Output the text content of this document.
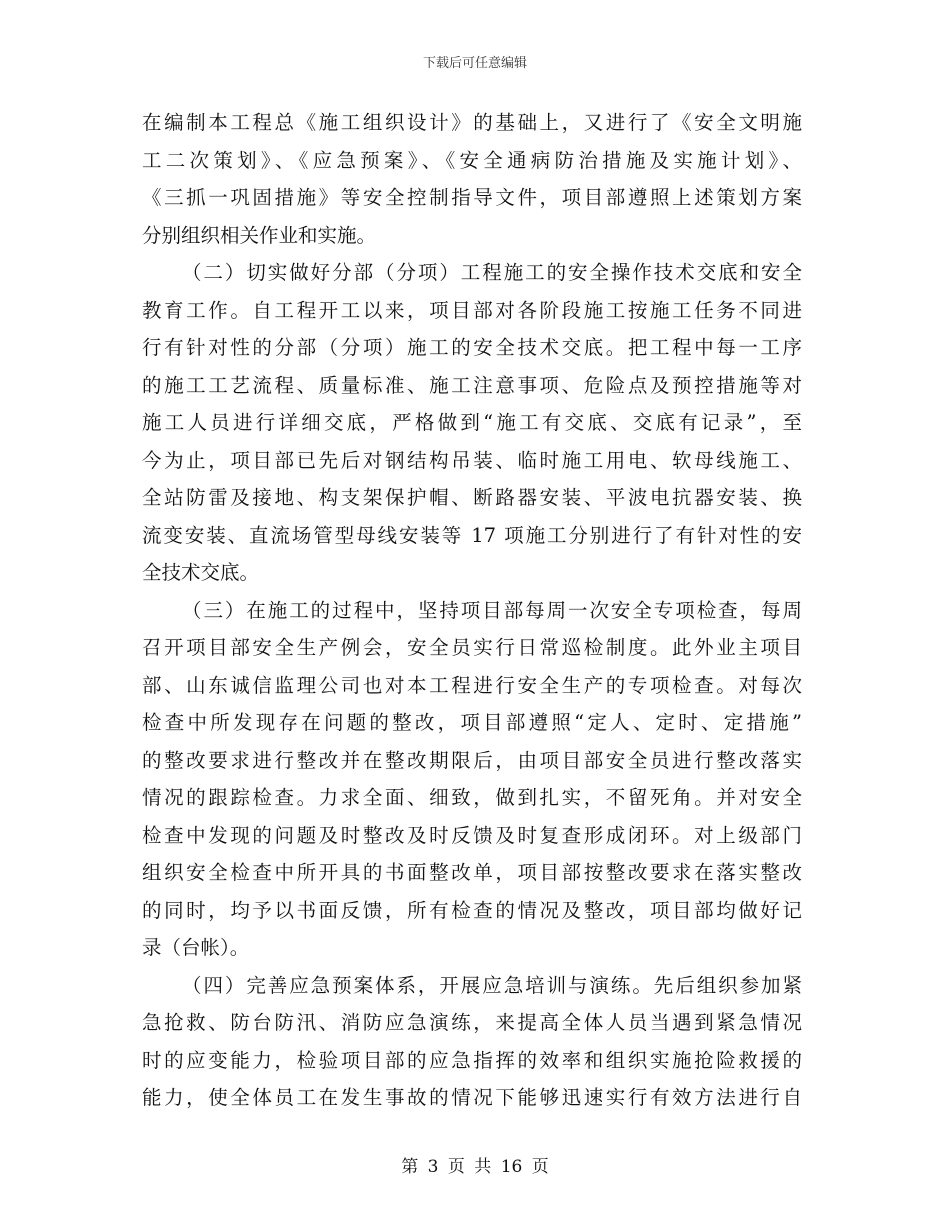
下载后可任意编辑
在编制本工程总《施工组织设计》的基础上，又进行了《安全文明施
工二次策划》、《应急预案》、《安全通病防治措施及实施计划》、
《三抓一巩固措施》等安全控制指导文件，项目部遵照上述策划方案
分别组织相关作业和实施。
（二）切实做好分部（分项）工程施工的安全操作技术交底和安全
教育工作。自工程开工以来，项目部对各阶段施工按施工任务不同进
行有针对性的分部（分项）施工的安全技术交底。把工程中每一工序
的施工工艺流程、质量标准、施工注意事项、危险点及预控措施等对
施工人员进行详细交底，严格做到“施工有交底、交底有记录”，至
今为止，项目部已先后对钢结构吊装、临时施工用电、软母线施工、
全站防雷及接地、构支架保护帽、断路器安装、平波电抗器安装、换
流变安装、直流场管型母线安装等 17 项施工分别进行了有针对性的安
全技术交底。
（三）在施工的过程中，坚持项目部每周一次安全专项检查，每周
召开项目部安全生产例会，安全员实行日常巡检制度。此外业主项目
部、山东诚信监理公司也对本工程进行安全生产的专项检查。对每次
检查中所发现存在问题的整改，项目部遵照“定人、定时、定措施”
的整改要求进行整改并在整改期限后，由项目部安全员进行整改落实
情况的跟踪检查。力求全面、细致，做到扎实，不留死角。并对安全
检查中发现的问题及时整改及时反馈及时复查形成闭环。对上级部门
组织安全检查中所开具的书面整改单，项目部按整改要求在落实整改
的同时，均予以书面反馈，所有检查的情况及整改，项目部均做好记
录（台帐）。
（四）完善应急预案体系，开展应急培训与演练。先后组织参加紧
急抢救、防台防汛、消防应急演练，来提高全体人员当遇到紧急情况
时的应变能力，检验项目部的应急指挥的效率和组织实施抢险救援的
能力，使全体员工在发生事故的情况下能够迅速实行有效方法进行自
第 3 页 共 16 页
